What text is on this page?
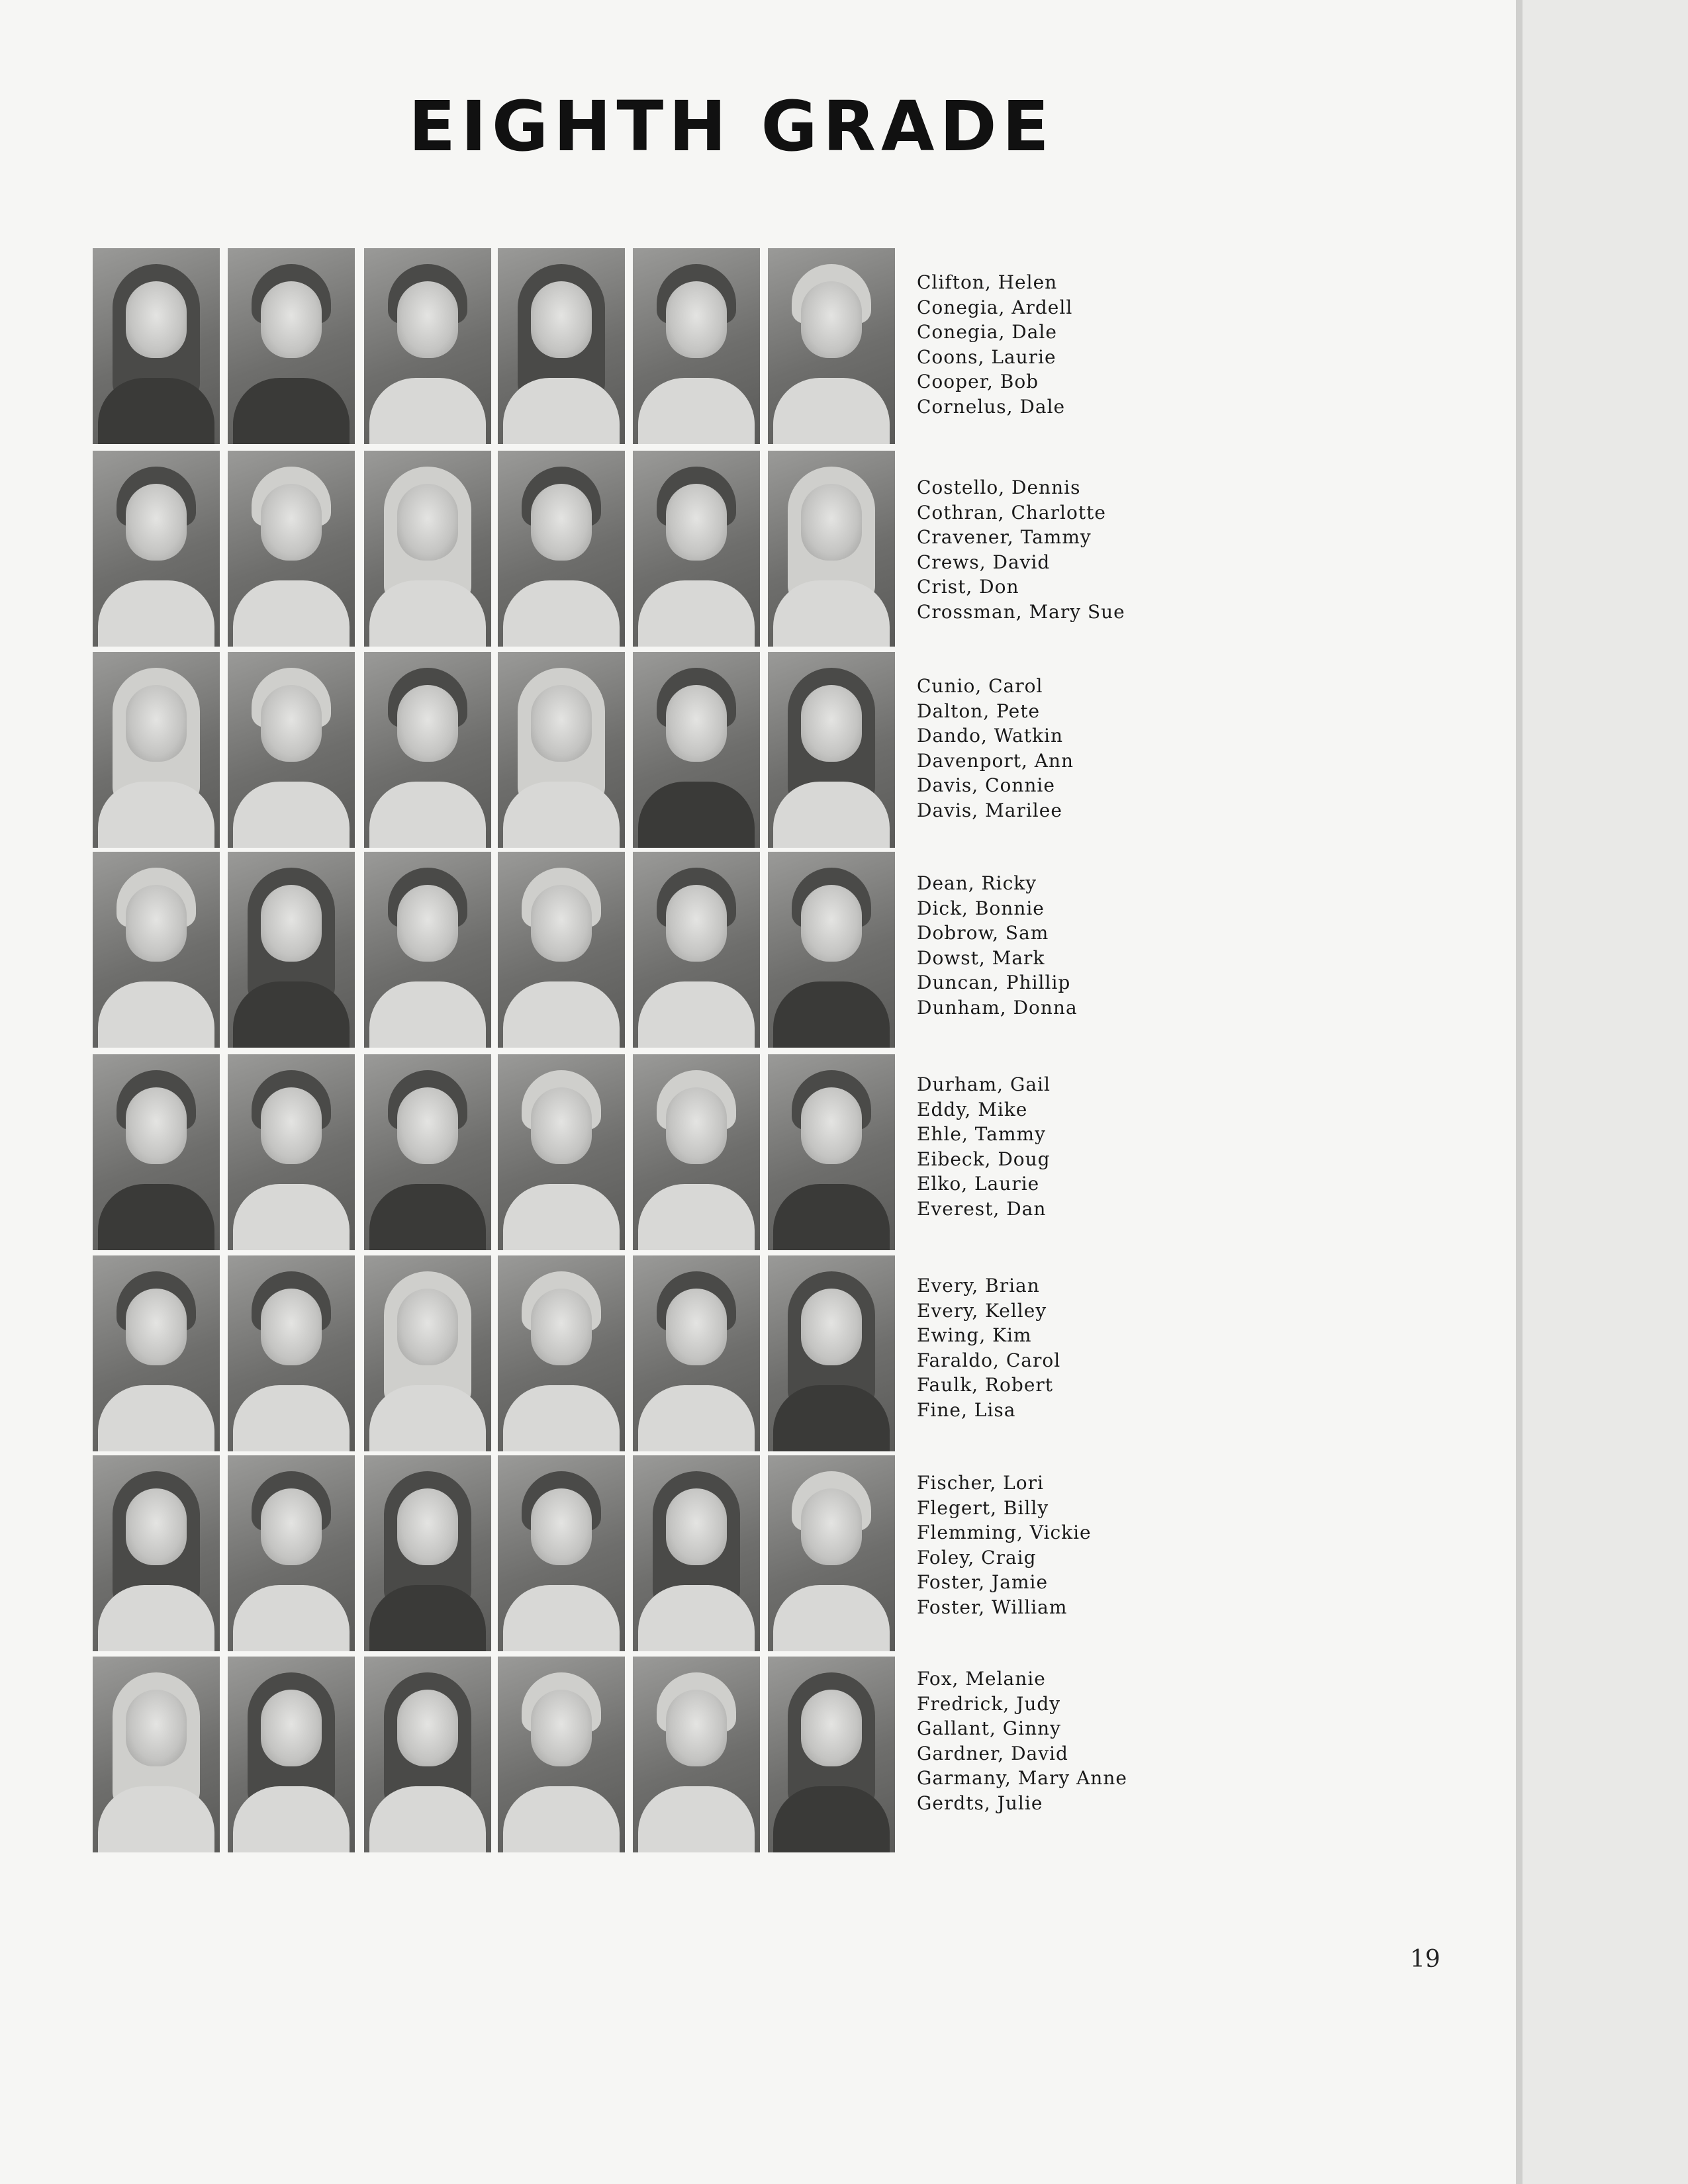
EIGHTH GRADE
Clifton, Helen
Conegia, Ardell
Conegia, Dale
Coons, Laurie
Cooper, Bob
Cornelus, Dale
Costello, Dennis
Cothran, Charlotte
Cravener, Tammy
Crews, David
Crist, Don
Crossman, Mary Sue
Cunio, Carol
Dalton, Pete
Dando, Watkin
Davenport, Ann
Davis, Connie
Davis, Marilee
Dean, Ricky
Dick, Bonnie
Dobrow, Sam
Dowst, Mark
Duncan, Phillip
Dunham, Donna
Durham, Gail
Eddy, Mike
Ehle, Tammy
Eibeck, Doug
Elko, Laurie
Everest, Dan
Every, Brian
Every, Kelley
Ewing, Kim
Faraldo, Carol
Faulk, Robert
Fine, Lisa
Fischer, Lori
Flegert, Billy
Flemming, Vickie
Foley, Craig
Foster, Jamie
Foster, William
Fox, Melanie
Fredrick, Judy
Gallant, Ginny
Gardner, David
Garmany, Mary Anne
Gerdts, Julie
19
